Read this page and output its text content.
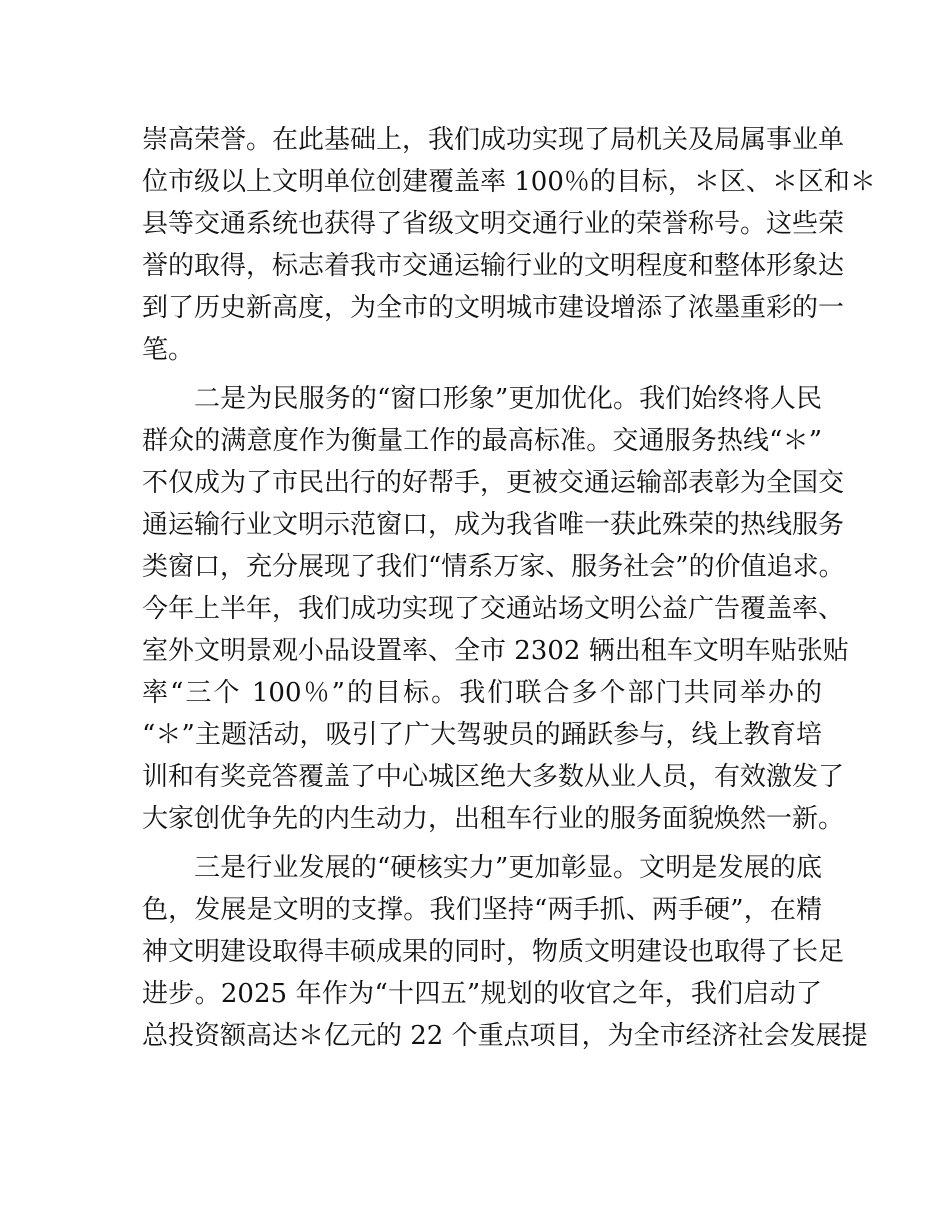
崇高荣誉。在此基础上，我们成功实现了局机关及局属事业单
位市级以上文明单位创建覆盖率 100％的目标，＊区、＊区和＊
县等交通系统也获得了省级文明交通行业的荣誉称号。这些荣
誉的取得，标志着我市交通运输行业的文明程度和整体形象达
到了历史新高度，为全市的文明城市建设增添了浓墨重彩的一
笔。
二是为民服务的“窗口形象”更加优化。我们始终将人民
群众的满意度作为衡量工作的最高标准。交通服务热线“＊”
不仅成为了市民出行的好帮手，更被交通运输部表彰为全国交
通运输行业文明示范窗口，成为我省唯一获此殊荣的热线服务
类窗口，充分展现了我们“情系万家、服务社会”的价值追求。
今年上半年，我们成功实现了交通站场文明公益广告覆盖率、
室外文明景观小品设置率、全市 2302 辆出租车文明车贴张贴
率“三个 100％”的目标。我们联合多个部门共同举办的
“＊”主题活动，吸引了广大驾驶员的踊跃参与，线上教育培
训和有奖竞答覆盖了中心城区绝大多数从业人员，有效激发了
大家创优争先的内生动力，出租车行业的服务面貌焕然一新。
三是行业发展的“硬核实力”更加彰显。文明是发展的底
色，发展是文明的支撑。我们坚持“两手抓、两手硬”，在精
神文明建设取得丰硕成果的同时，物质文明建设也取得了长足
进步。2025 年作为“十四五”规划的收官之年，我们启动了
总投资额高达＊亿元的 22 个重点项目，为全市经济社会发展提
